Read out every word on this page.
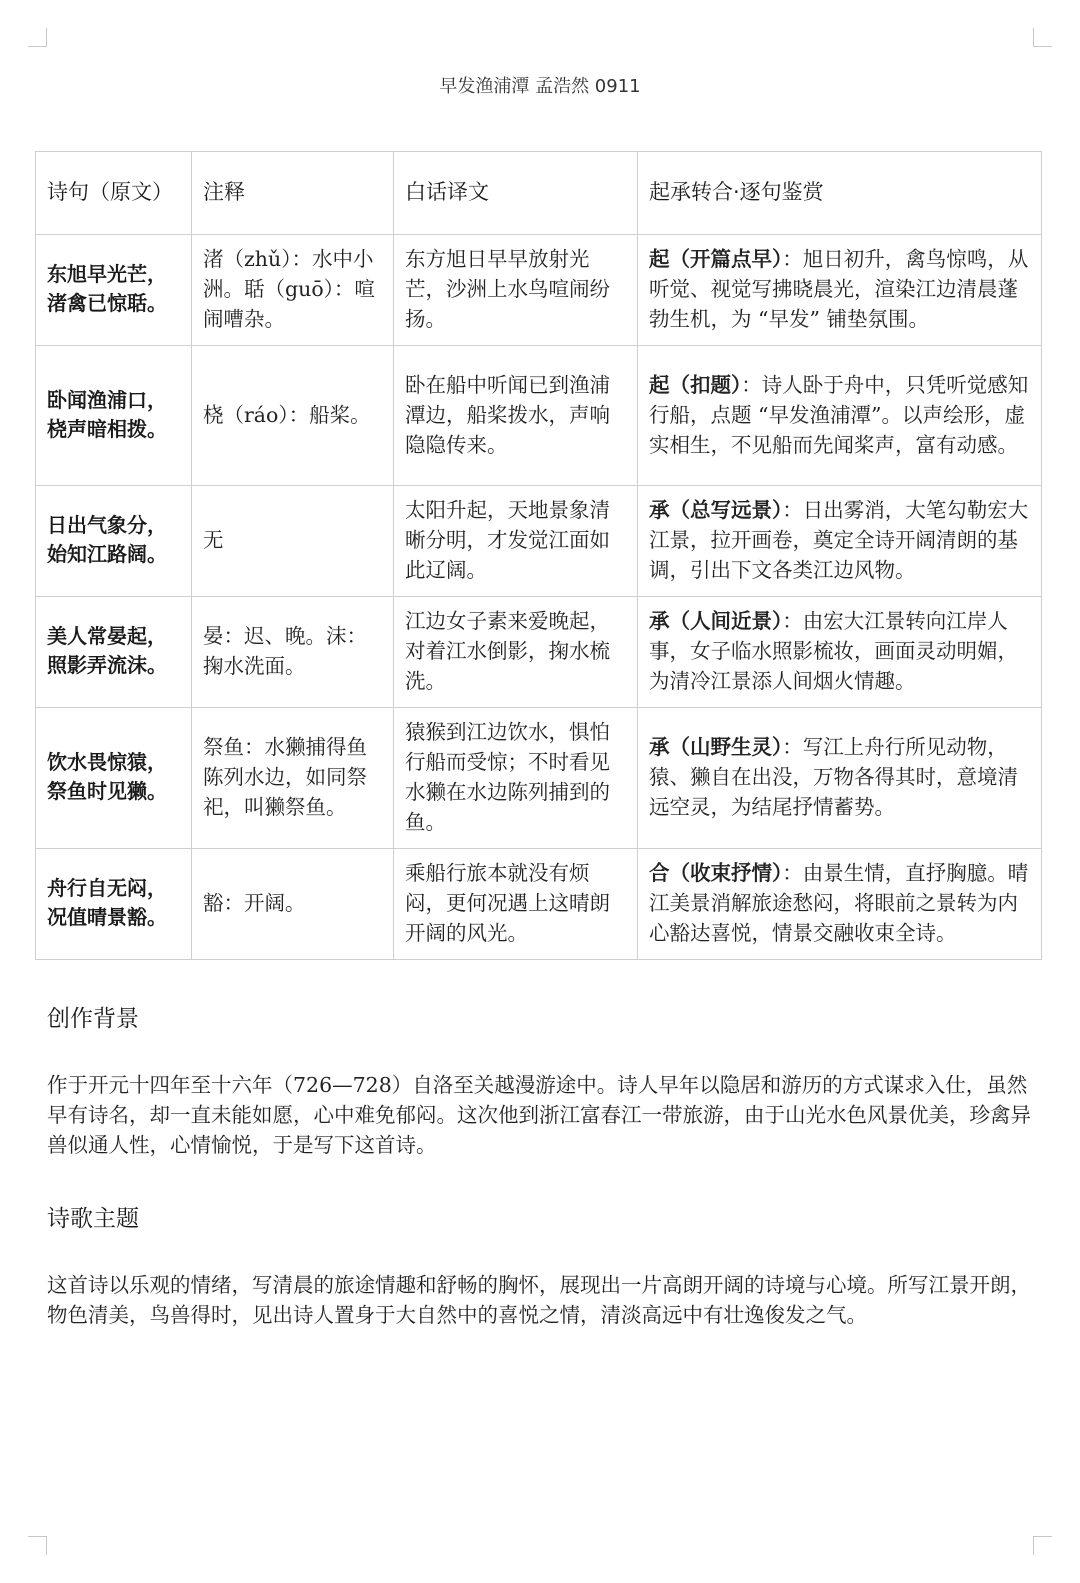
早发渔浦潭 孟浩然 0911
诗句（原文）	注释	白话译文	起承转合·逐句鉴赏
东旭早光芒，
渚禽已惊聒。	渚（zhǔ）：水中小洲。聒（guō）：喧闹嘈杂。	东方旭日早早放射光芒，沙洲上水鸟喧闹纷扬。	起（开篇点早）：旭日初升，禽鸟惊鸣，从听觉、视觉写拂晓晨光，渲染江边清晨蓬勃生机，为 “早发” 铺垫氛围。
卧闻渔浦口，
桡声暗相拨。	桡（ráo）：船桨。	卧在船中听闻已到渔浦潭边，船桨拨水，声响隐隐传来。	起（扣题）：诗人卧于舟中，只凭听觉感知行船，点题 “早发渔浦潭”。以声绘形，虚实相生，不见船而先闻桨声，富有动感。
日出气象分，
始知江路阔。	无	太阳升起，天地景象清晰分明，才发觉江面如此辽阔。	承（总写远景）：日出雾消，大笔勾勒宏大江景，拉开画卷，奠定全诗开阔清朗的基调，引出下文各类江边风物。
美人常晏起，
照影弄流沫。	晏：迟、晚。沫：掬水洗面。	江边女子素来爱晚起，对着江水倒影，掬水梳洗。	承（人间近景）：由宏大江景转向江岸人事，女子临水照影梳妆，画面灵动明媚，为清冷江景添人间烟火情趣。
饮水畏惊猿，
祭鱼时见獭。	祭鱼：水獭捕得鱼陈列水边，如同祭祀，叫獭祭鱼。	猿猴到江边饮水，惧怕行船而受惊；不时看见水獭在水边陈列捕到的鱼。	承（山野生灵）：写江上舟行所见动物，猿、獭自在出没，万物各得其时，意境清远空灵，为结尾抒情蓄势。
舟行自无闷，
况值晴景豁。	豁：开阔。	乘船行旅本就没有烦闷，更何况遇上这晴朗开阔的风光。	合（收束抒情）：由景生情，直抒胸臆。晴江美景消解旅途愁闷，将眼前之景转为内心豁达喜悦，情景交融收束全诗。
创作背景
作于开元十四年至十六年（726—728）自洛至关越漫游途中。诗人早年以隐居和游历的方式谋求入仕，虽然早有诗名，却一直未能如愿，心中难免郁闷。这次他到浙江富春江一带旅游，由于山光水色风景优美，珍禽异兽似通人性，心情愉悦，于是写下这首诗。
诗歌主题
这首诗以乐观的情绪，写清晨的旅途情趣和舒畅的胸怀，展现出一片高朗开阔的诗境与心境。所写江景开朗，物色清美，鸟兽得时，见出诗人置身于大自然中的喜悦之情，清淡高远中有壮逸俊发之气。
